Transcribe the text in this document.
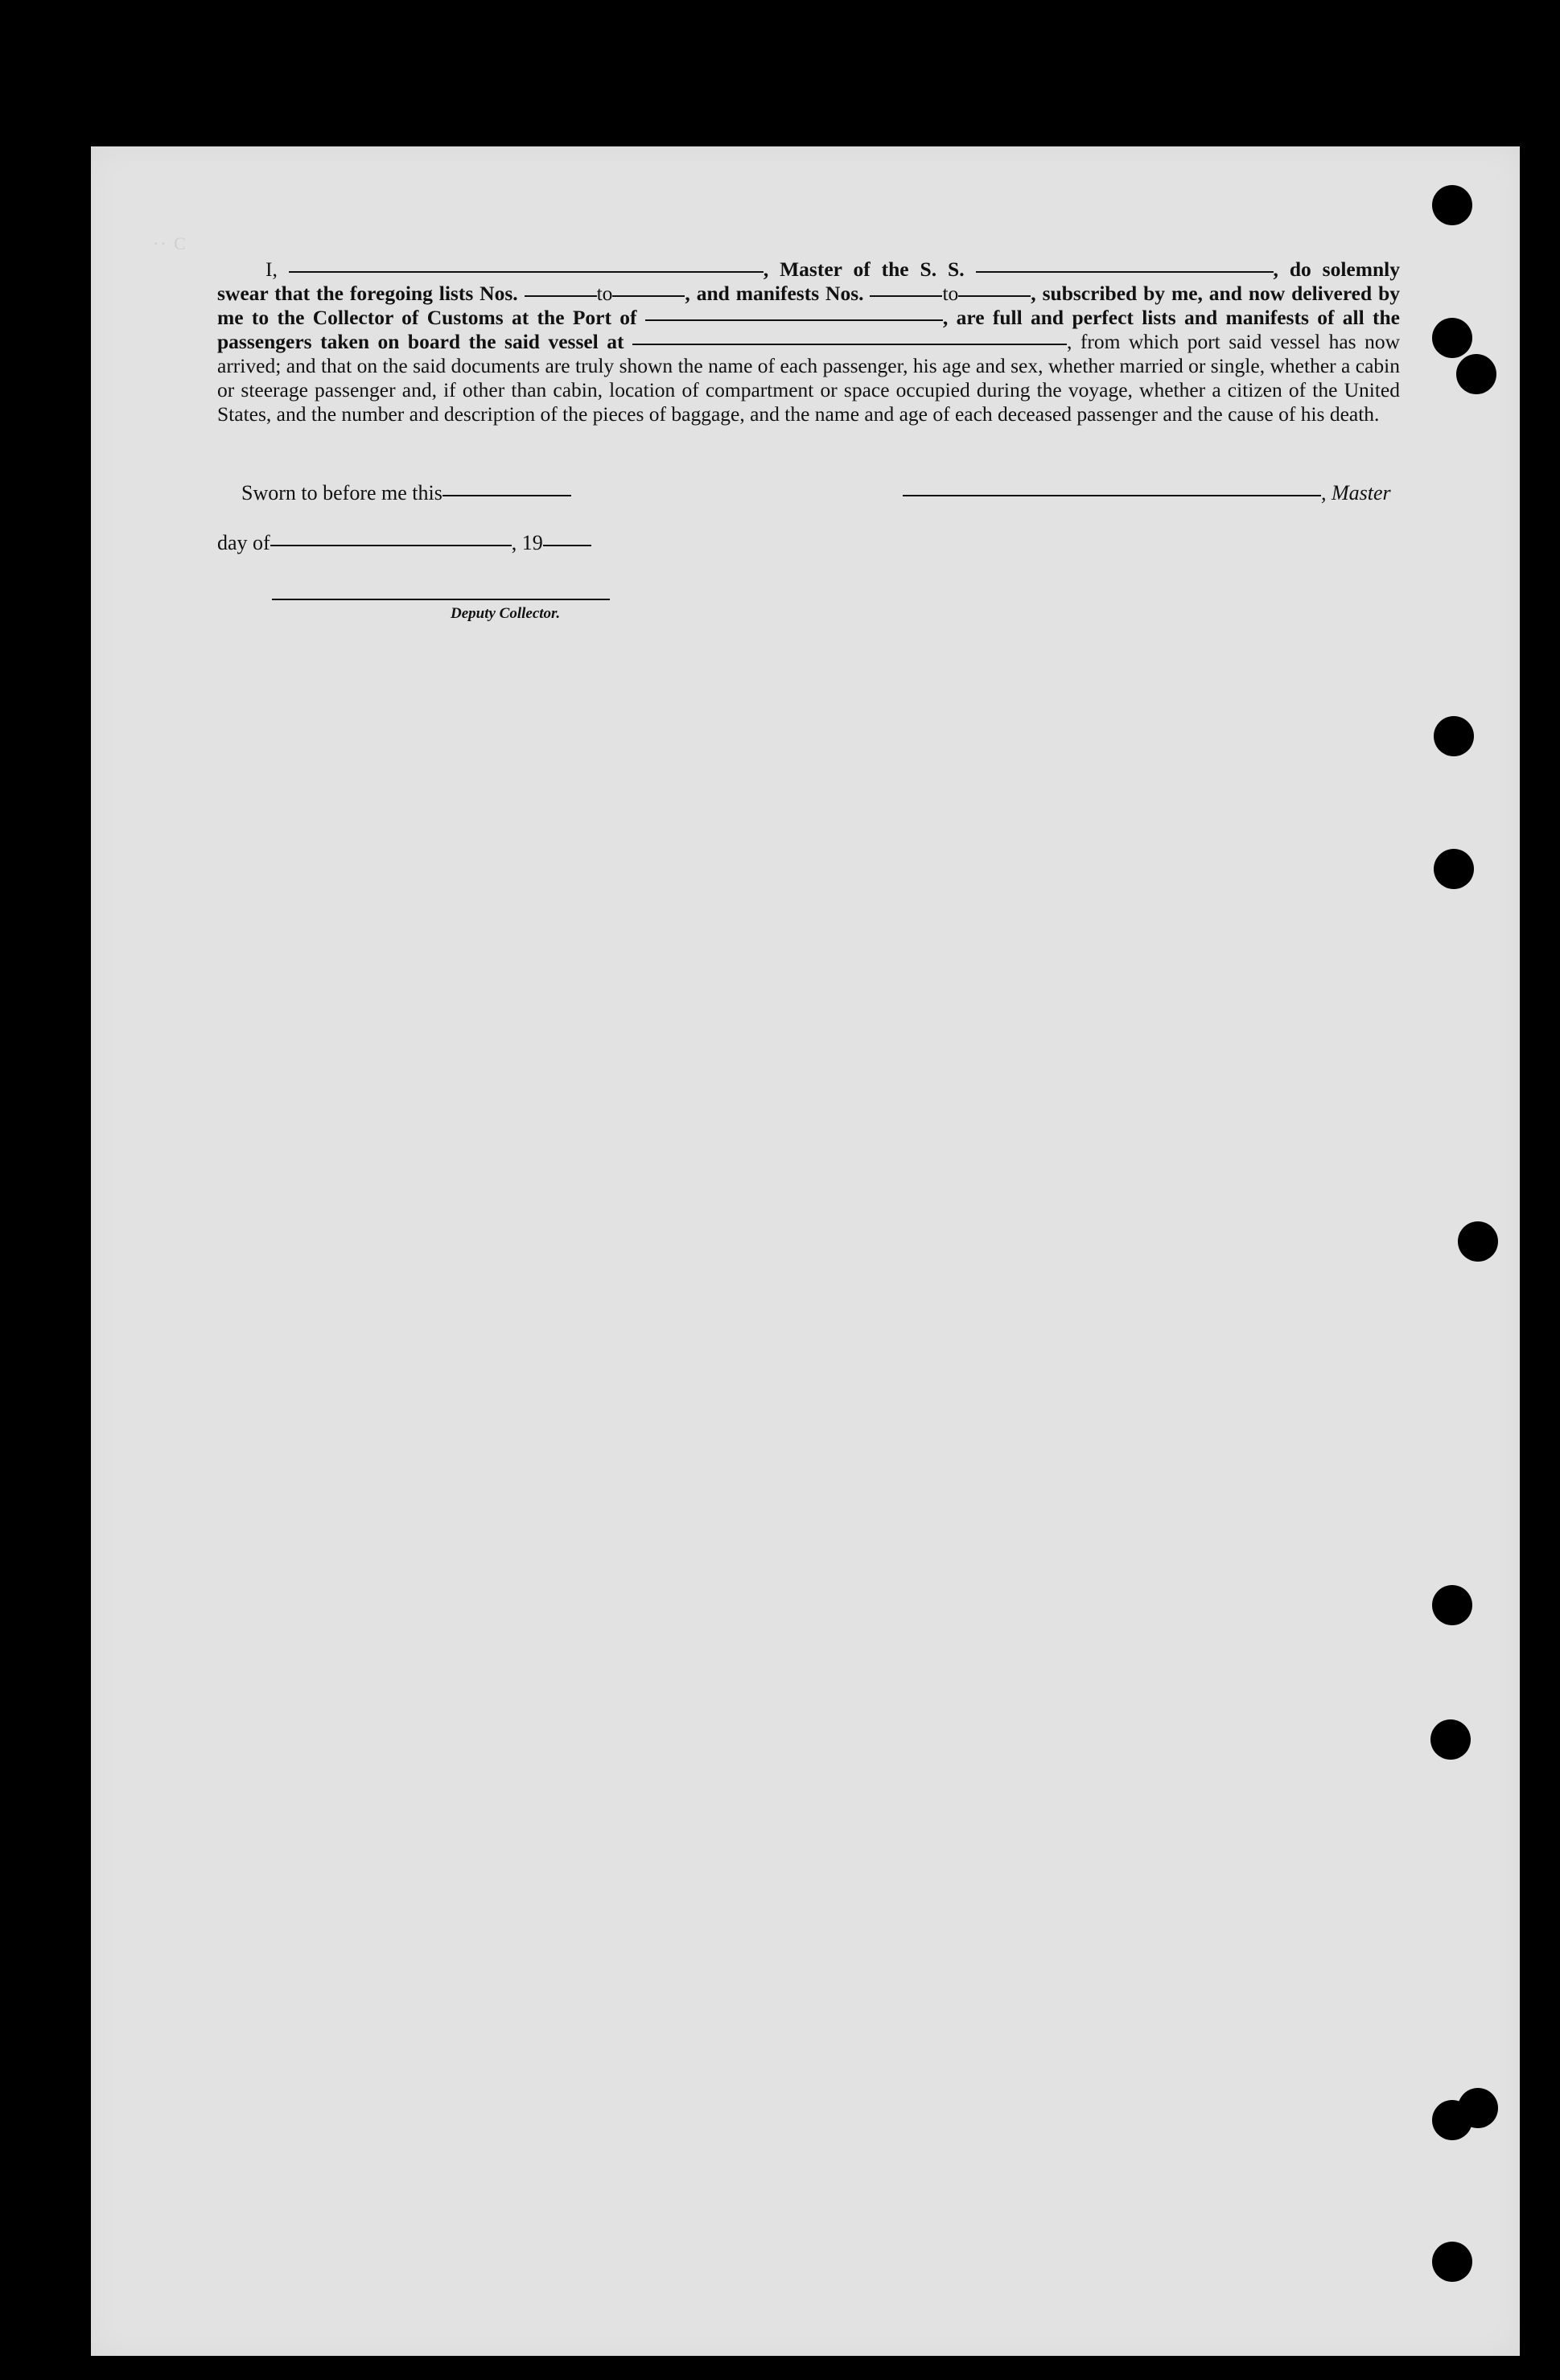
·· C

I,	, Master of the S. S.	, do solemnly swear that the foregoing lists Nos.	to	, and manifests Nos.	to	, subscribed by me, and now delivered by me to the Collector of Customs at the Port of	, are full and perfect lists and manifests of all the passengers taken on board the said vessel at	, from which port said vessel has now arrived; and that on the said documents are truly shown the name of each passenger, his age and sex, whether married or single, whether a cabin or steerage passenger and, if other than cabin, location of compartment or space occupied during the voyage, whether a citizen of the United States, and the number and description of the pieces of baggage, and the name and age of each deceased passenger and the cause of his death.

Sworn to before me this	, Master
day of	, 19
Deputy Collector.
